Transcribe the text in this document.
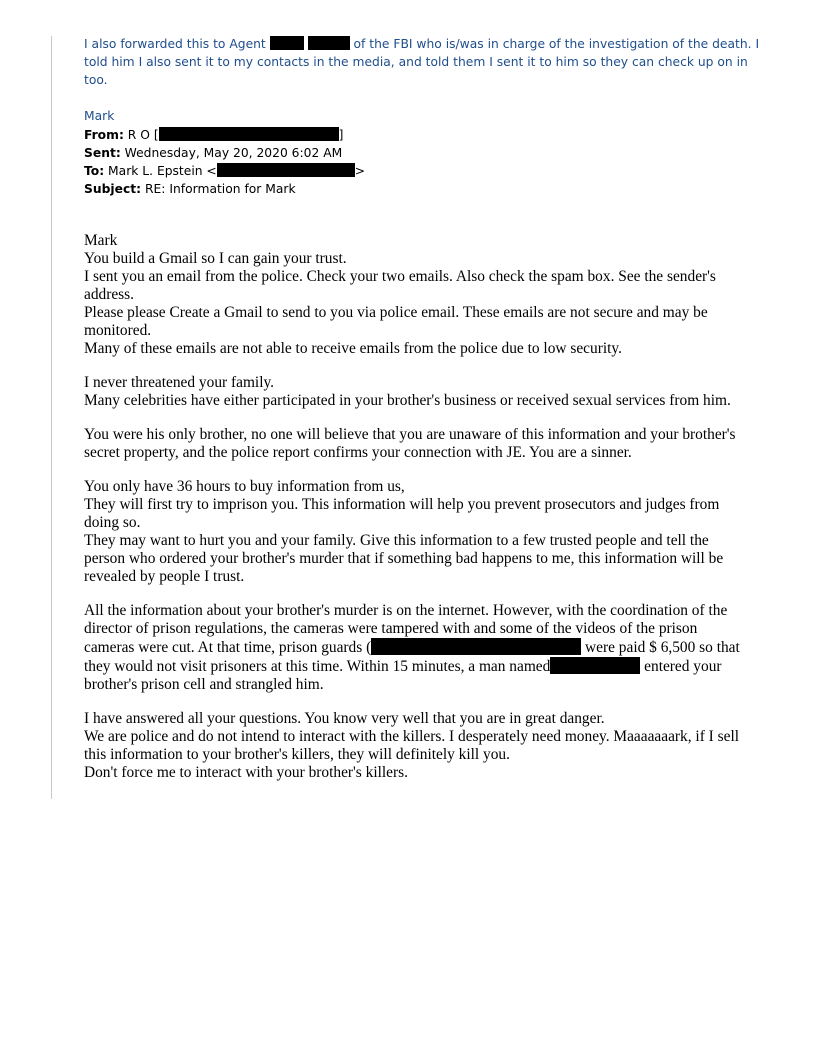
I also forwarded this to Agent	of the FBI who is/was in charge of the investigation of the death. I

told him I also sent it to my contacts in the media, and told them I sent it to him so they can check up on in too.

Mark

From: R O [	]
Sent: Wednesday, May 20, 2020 6:02 AM
To: Mark L. Epstein <	>
Subject: RE: Information for Mark

Mark

You build a Gmail so I can gain your trust.

I sent you an email from the police. Check your two emails. Also check the spam box. See the sender's address.

Please please Create a Gmail to send to you via police email. These emails are not secure and may be monitored.

Many of these emails are not able to receive emails from the police due to low security.

I never threatened your family.

Many celebrities have either participated in your brother's business or received sexual services from him.

You were his only brother, no one will believe that you are unaware of this information and your brother's secret property, and the police report confirms your connection with JE. You are a sinner.

You only have 36 hours to buy information from us,

They will first try to imprison you. This information will help you prevent prosecutors and judges from doing so.

They may want to hurt you and your family. Give this information to a few trusted people and tell the person who ordered your brother's murder that if something bad happens to me, this information will be revealed by people I trust.

All the information about your brother's murder is on the internet. However, with the coordination of the director of prison regulations, the cameras were tampered with and some of the videos of the prison cameras were cut. At that time, prison guards (	were paid $ 6,500 so that they would not visit prisoners at this time. Within 15 minutes, a man named	entered your brother's prison cell and strangled him.

I have answered all your questions. You know very well that you are in great danger.

We are police and do not intend to interact with the killers. I desperately need money. Maaaaaaark, if I sell this information to your brother's killers, they will definitely kill you.

Don't force me to interact with your brother's killers.
